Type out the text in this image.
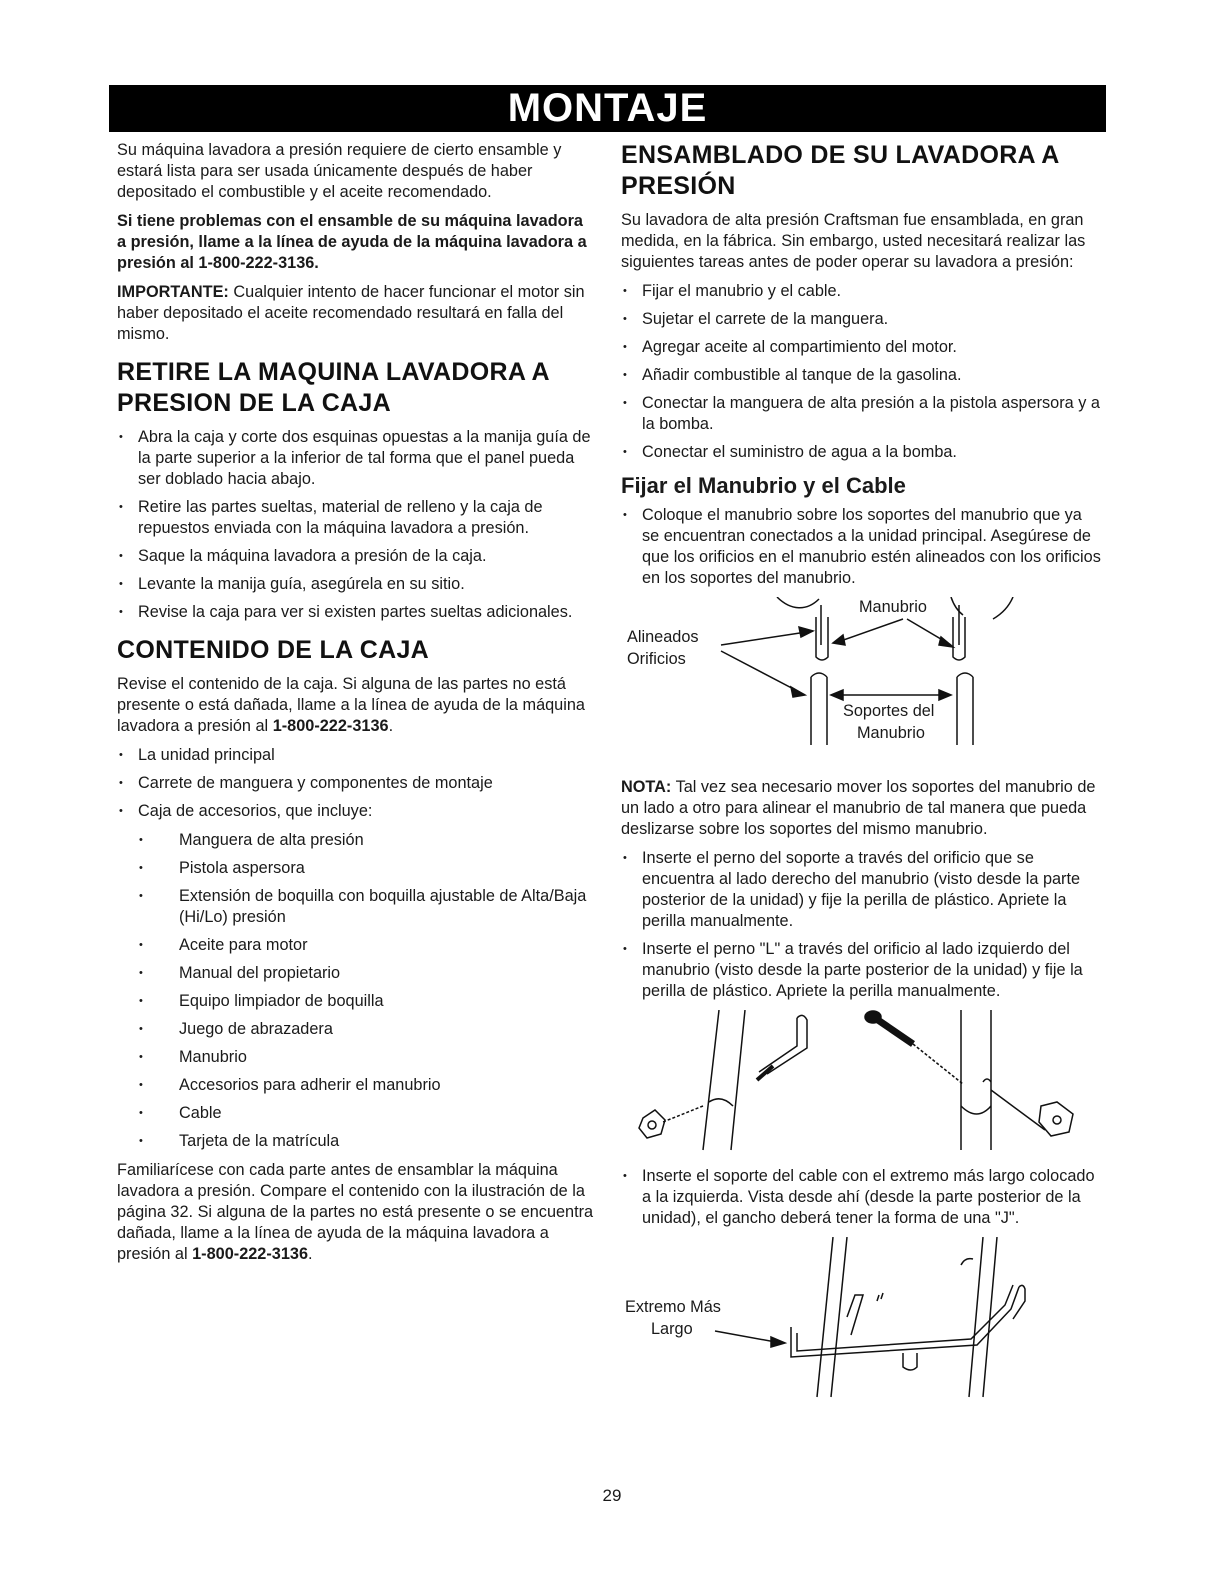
MONTAJE

Su máquina lavadora a presión requiere de cierto ensamble y estará lista para ser usada únicamente después de haber depositado el combustible y el aceite recomendado.

Si tiene problemas con el ensamble de su máquina lavadora a presión, llame a la línea de ayuda de la máquina lavadora a presión al 1-800-222-3136.

IMPORTANTE: Cualquier intento de hacer funcionar el motor sin haber depositado el aceite recomendado resultará en falla del mismo.

RETIRE LA MAQUINA LAVADORA A PRESION DE LA CAJA
• Abra la caja y corte dos esquinas opuestas a la manija guía de la parte superior a la inferior de tal forma que el panel pueda ser doblado hacia abajo.
• Retire las partes sueltas, material de relleno y la caja de repuestos enviada con la máquina lavadora a presión.
• Saque la máquina lavadora a presión de la caja.
• Levante la manija guía, asegúrela en su sitio.
• Revise la caja para ver si existen partes sueltas adicionales.
CONTENIDO DE LA CAJA

Revise el contenido de la caja. Si alguna de las partes no está presente o está dañada, llame a la línea de ayuda de la máquina lavadora a presión al 1-800-222-3136.

• La unidad principal
• Carrete de manguera y componentes de montaje
• Caja de accesorios, que incluye:
• Manguera de alta presión
• Pistola aspersora
• Extensión de boquilla con boquilla ajustable de Alta/Baja (Hi/Lo) presión
• Aceite para motor
• Manual del propietario
• Equipo limpiador de boquilla
• Juego de abrazadera
• Manubrio
• Accesorios para adherir el manubrio
• Cable
• Tarjeta de la matrícula

Familiarícese con cada parte antes de ensamblar la máquina lavadora a presión. Compare el contenido con la ilustración de la página 32. Si alguna de la partes no está presente o se encuentra dañada, llame a la línea de ayuda de la máquina lavadora a presión al 1-800-222-3136.

ENSAMBLADO DE SU LAVADORA A PRESIÓN

Su lavadora de alta presión Craftsman fue ensamblada, en gran medida, en la fábrica. Sin embargo, usted necesitará realizar las siguientes tareas antes de poder operar su lavadora a presión:

• Fijar el manubrio y el cable.
• Sujetar el carrete de la manguera.
• Agregar aceite al compartimiento del motor.
• Añadir combustible al tanque de la gasolina.
• Conectar la manguera de alta presión a la pistola aspersora y a la bomba.
• Conectar el suministro de agua a la bomba.
Fijar el Manubrio y el Cable
• Coloque el manubrio sobre los soportes del manubrio que ya se encuentran conectados a la unidad principal. Asegúrese de que los orificios en el manubrio estén alineados con los orificios en los soportes del manubrio.
Manubrio
Alineados
Orificios
Soportes del
Manubrio

NOTA: Tal vez sea necesario mover los soportes del manubrio de un lado a otro para alinear el manubrio de tal manera que pueda deslizarse sobre los soportes del mismo manubrio.

• Inserte el perno del soporte a través del orificio que se encuentra al lado derecho del manubrio (visto desde la parte posterior de la unidad) y fije la perilla de plástico. Apriete la perilla manualmente.
• Inserte el perno "L" a través del orificio al lado izquierdo del manubrio (visto desde la parte posterior de la unidad) y fije la perilla de plástico. Apriete la perilla manualmente.
• Inserte el soporte del cable con el extremo más largo colocado a la izquierda. Vista desde ahí (desde la parte posterior de la unidad), el gancho deberá tener la forma de una "J".
Extremo Más
Largo
29
